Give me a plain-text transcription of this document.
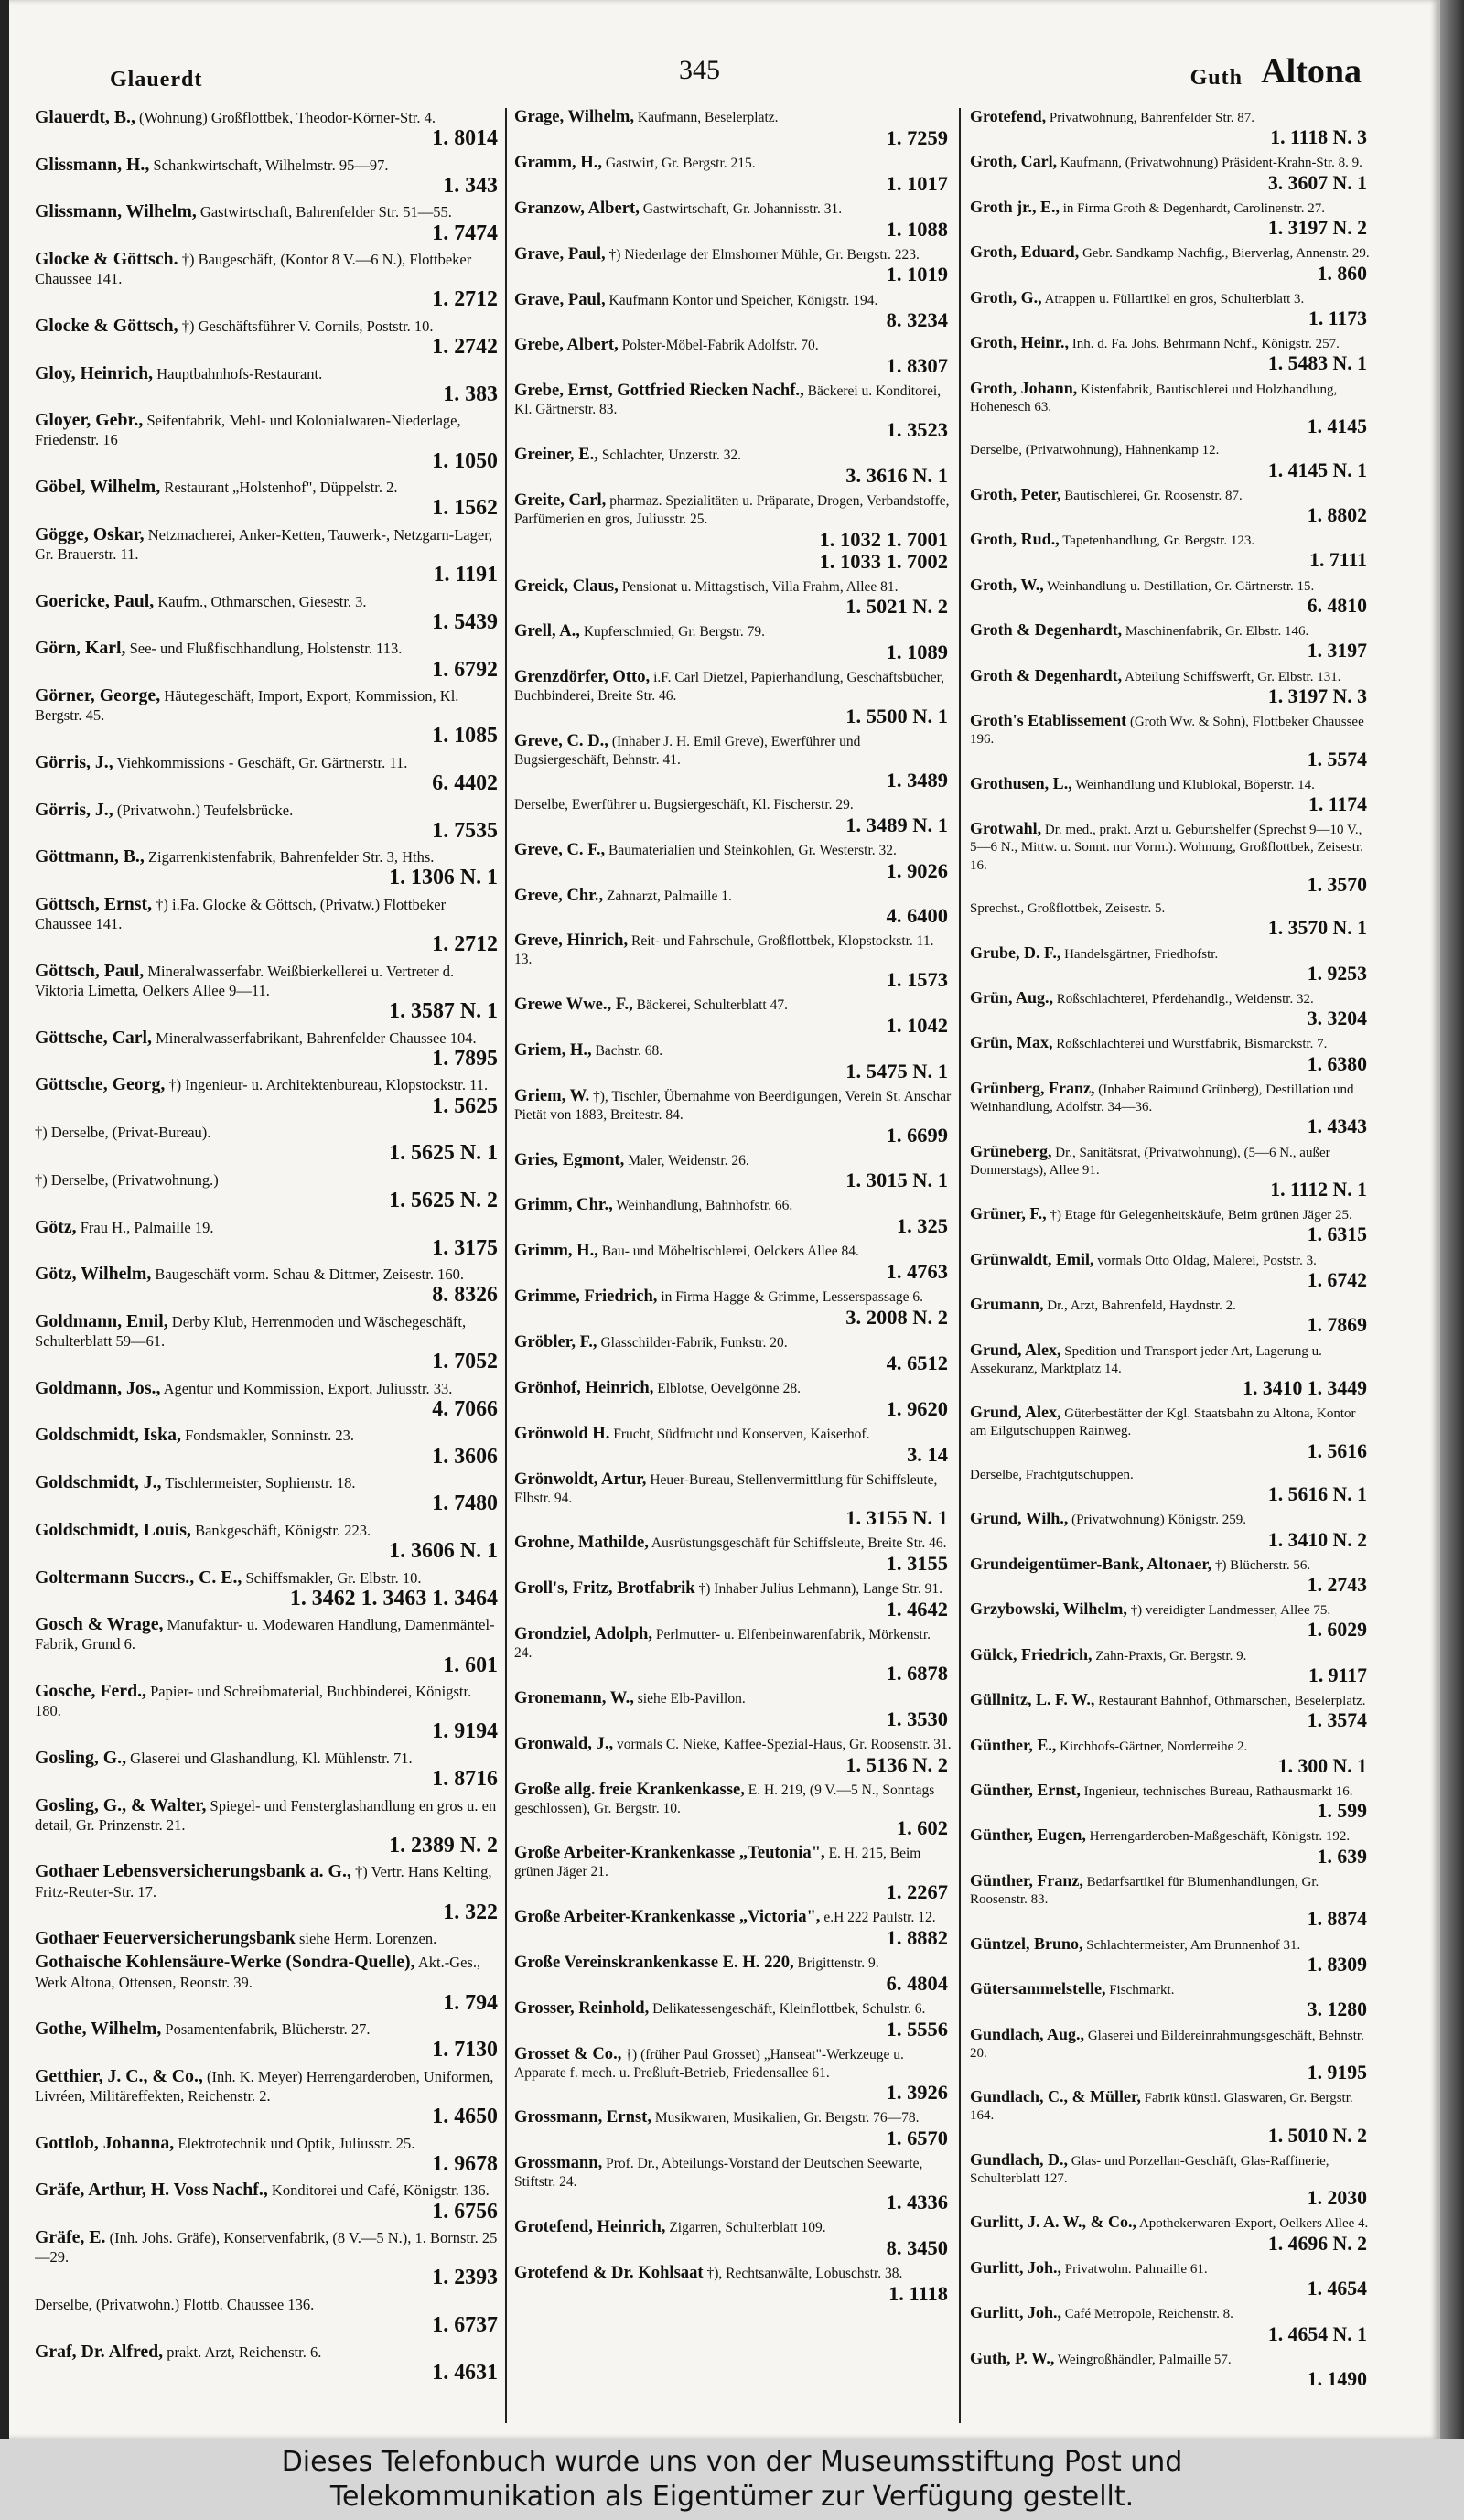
Glauerdt	345	Guth Altona
Glauerdt, B., (Wohnung) Großflottbek, Theodor-Körner-Str. 4.
1. 8014
Glissmann, H., Schankwirtschaft, Wilhelmstr. 95—97.
1. 343
Glissmann, Wilhelm, Gastwirtschaft, Bahrenfelder Str. 51—55.
1. 7474
Glocke & Göttsch. †) Baugeschäft, (Kontor 8 V.—6 N.), Flottbeker Chaussee 141.
1. 2712
Glocke & Göttsch, †) Geschäftsführer V. Cornils, Poststr. 10.
1. 2742
Gloy, Heinrich, Hauptbahnhofs-Restaurant.
1. 383
Gloyer, Gebr., Seifenfabrik, Mehl- und Kolonialwaren-Niederlage, Friedenstr. 16
1. 1050
Göbel, Wilhelm, Restaurant „Holstenhof", Düppelstr. 2.
1. 1562
Gögge, Oskar, Netzmacherei, Anker-Ketten, Tauwerk-, Netzgarn-Lager, Gr. Brauerstr. 11.
1. 1191
Goericke, Paul, Kaufm., Othmarschen, Giesestr. 3.
1. 5439
Görn, Karl, See- und Flußfischhandlung, Holstenstr. 113.
1. 6792
Görner, George, Häutegeschäft, Import, Export, Kommission, Kl. Bergstr. 45.
1. 1085
Görris, J., Viehkommissions - Geschäft, Gr. Gärtnerstr. 11.
6. 4402
Görris, J., (Privatwohn.) Teufelsbrücke.
1. 7535
Göttmann, B., Zigarrenkistenfabrik, Bahrenfelder Str. 3, Hths.
1. 1306 N. 1
Göttsch, Ernst, †) i.Fa. Glocke & Göttsch, (Privatw.) Flottbeker Chaussee 141.
1. 2712
Göttsch, Paul, Mineralwasserfabr. Weißbierkellerei u. Vertreter d. Viktoria Limetta, Oelkers Allee 9—11.
1. 3587 N. 1
Göttsche, Carl, Mineralwasserfabrikant, Bahrenfelder Chaussee 104.
1. 7895
Göttsche, Georg, †) Ingenieur- u. Architektenbureau, Klopstockstr. 11.
1. 5625
†) Derselbe, (Privat-Bureau).
1. 5625 N. 1
†) Derselbe, (Privatwohnung.)
1. 5625 N. 2
Götz, Frau H., Palmaille 19.
1. 3175
Götz, Wilhelm, Baugeschäft vorm. Schau & Dittmer, Zeisestr. 160.
8. 8326
Goldmann, Emil, Derby Klub, Herrenmoden und Wäschegeschäft, Schulterblatt 59—61.
1. 7052
Goldmann, Jos., Agentur und Kommission, Export, Juliusstr. 33.
4. 7066
Goldschmidt, Iska, Fondsmakler, Sonninstr. 23.
1. 3606
Goldschmidt, J., Tischlermeister, Sophienstr. 18.
1. 7480
Goldschmidt, Louis, Bankgeschäft, Königstr. 223.
1. 3606 N. 1
Goltermann Succrs., C. E., Schiffsmakler, Gr. Elbstr. 10.
1. 3462 1. 3463 1. 3464
Gosch & Wrage, Manufaktur- u. Modewaren Handlung, Damenmäntel-Fabrik, Grund 6.
1. 601
Gosche, Ferd., Papier- und Schreibmaterial, Buchbinderei, Königstr. 180.
1. 9194
Gosling, G., Glaserei und Glashandlung, Kl. Mühlenstr. 71.
1. 8716
Gosling, G., & Walter, Spiegel- und Fensterglashandlung en gros u. en detail, Gr. Prinzenstr. 21.
1. 2389 N. 2
Gothaer Lebensversicherungsbank a. G., †) Vertr. Hans Kelting, Fritz-Reuter-Str. 17.
1. 322
Gothaer Feuerversicherungsbank siehe Herm. Lorenzen.
Gothaische Kohlensäure-Werke (Sondra-Quelle), Akt.-Ges., Werk Altona, Ottensen, Reonstr. 39.
1. 794
Gothe, Wilhelm, Posamentenfabrik, Blücherstr. 27.
1. 7130
Getthier, J. C., & Co., (Inh. K. Meyer) Herrengarderoben, Uniformen, Livréen, Militäreffekten, Reichenstr. 2.
1. 4650
Gottlob, Johanna, Elektrotechnik und Optik, Juliusstr. 25.
1. 9678
Gräfe, Arthur, H. Voss Nachf., Konditorei und Café, Königstr. 136.
1. 6756
Gräfe, E. (Inh. Johs. Gräfe), Konservenfabrik, (8 V.—5 N.), 1. Bornstr. 25—29.
1. 2393
Derselbe, (Privatwohn.) Flottb. Chaussee 136.
1. 6737
Graf, Dr. Alfred, prakt. Arzt, Reichenstr. 6.
1. 4631
Grage, Wilhelm, Kaufmann, Beselerplatz.
1. 7259
Gramm, H., Gastwirt, Gr. Bergstr. 215.
1. 1017
Granzow, Albert, Gastwirtschaft, Gr. Johannisstr. 31.
1. 1088
Grave, Paul, †) Niederlage der Elmshorner Mühle, Gr. Bergstr. 223.
1. 1019
Grave, Paul, Kaufmann Kontor und Speicher, Königstr. 194.
8. 3234
Grebe, Albert, Polster-Möbel-Fabrik Adolfstr. 70.
1. 8307
Grebe, Ernst, Gottfried Riecken Nachf., Bäckerei u. Konditorei, Kl. Gärtnerstr. 83.
1. 3523
Greiner, E., Schlachter, Unzerstr. 32.
3. 3616 N. 1
Greite, Carl, pharmaz. Spezialitäten u. Präparate, Drogen, Verbandstoffe, Parfümerien en gros, Juliusstr. 25.
1. 1032 1. 7001
1. 1033 1. 7002
Greick, Claus, Pensionat u. Mittagstisch, Villa Frahm, Allee 81.
1. 5021 N. 2
Grell, A., Kupferschmied, Gr. Bergstr. 79.
1. 1089
Grenzdörfer, Otto, i.F. Carl Dietzel, Papierhandlung, Geschäftsbücher, Buchbinderei, Breite Str. 46.
1. 5500 N. 1
Greve, C. D., (Inhaber J. H. Emil Greve), Ewerführer und Bugsiergeschäft, Behnstr. 41.
1. 3489
Derselbe, Ewerführer u. Bugsiergeschäft, Kl. Fischerstr. 29.
1. 3489 N. 1
Greve, C. F., Baumaterialien und Steinkohlen, Gr. Westerstr. 32.
1. 9026
Greve, Chr., Zahnarzt, Palmaille 1.
4. 6400
Greve, Hinrich, Reit- und Fahrschule, Großflottbek, Klopstockstr. 11. 13.
1. 1573
Grewe Wwe., F., Bäckerei, Schulterblatt 47.
1. 1042
Griem, H., Bachstr. 68.
1. 5475 N. 1
Griem, W. †), Tischler, Übernahme von Beerdigungen, Verein St. Anschar Pietät von 1883, Breitestr. 84.
1. 6699
Gries, Egmont, Maler, Weidenstr. 26.
1. 3015 N. 1
Grimm, Chr., Weinhandlung, Bahnhofstr. 66.
1. 325
Grimm, H., Bau- und Möbeltischlerei, Oelckers Allee 84.
1. 4763
Grimme, Friedrich, in Firma Hagge & Grimme, Lesserspassage 6.
3. 2008 N. 2
Gröbler, F., Glasschilder-Fabrik, Funkstr. 20.
4. 6512
Grönhof, Heinrich, Elblotse, Oevelgönne 28.
1. 9620
Grönwold H. Frucht, Südfrucht und Konserven, Kaiserhof.
3. 14
Grönwoldt, Artur, Heuer-Bureau, Stellenvermittlung für Schiffsleute, Elbstr. 94.
1. 3155 N. 1
Grohne, Mathilde, Ausrüstungsgeschäft für Schiffsleute, Breite Str. 46.
1. 3155
Groll's, Fritz, Brotfabrik †) Inhaber Julius Lehmann), Lange Str. 91.
1. 4642
Grondziel, Adolph, Perlmutter- u. Elfenbeinwarenfabrik, Mörkenstr. 24.
1. 6878
Gronemann, W., siehe Elb-Pavillon.
1. 3530
Gronwald, J., vormals C. Nieke, Kaffee-Spezial-Haus, Gr. Roosenstr. 31.
1. 5136 N. 2
Große allg. freie Krankenkasse, E. H. 219, (9 V.—5 N., Sonntags geschlossen), Gr. Bergstr. 10.
1. 602
Große Arbeiter-Krankenkasse „Teutonia", E. H. 215, Beim grünen Jäger 21.
1. 2267
Große Arbeiter-Krankenkasse „Victoria", e.H 222 Paulstr. 12.
1. 8882
Große Vereinskrankenkasse E. H. 220, Brigittenstr. 9.
6. 4804
Grosser, Reinhold, Delikatessengeschäft, Kleinflottbek, Schulstr. 6.
1. 5556
Grosset & Co., †) (früher Paul Grosset) „Hanseat"-Werkzeuge u. Apparate f. mech. u. Preßluft-Betrieb, Friedensallee 61.
1. 3926
Grossmann, Ernst, Musikwaren, Musikalien, Gr. Bergstr. 76—78.
1. 6570
Grossmann, Prof. Dr., Abteilungs-Vorstand der Deutschen Seewarte, Stiftstr. 24.
1. 4336
Grotefend, Heinrich, Zigarren, Schulterblatt 109.
8. 3450
Grotefend & Dr. Kohlsaat †), Rechtsanwälte, Lobuschstr. 38.
1. 1118
Grotefend, Privatwohnung, Bahrenfelder Str. 87.
1. 1118 N. 3
Groth, Carl, Kaufmann, (Privatwohnung) Präsident-Krahn-Str. 8. 9.
3. 3607 N. 1
Groth jr., E., in Firma Groth & Degenhardt, Carolinenstr. 27.
1. 3197 N. 2
Groth, Eduard, Gebr. Sandkamp Nachfig., Bierverlag, Annenstr. 29.
1. 860
Groth, G., Atrappen u. Füllartikel en gros, Schulterblatt 3.
1. 1173
Groth, Heinr., Inh. d. Fa. Johs. Behrmann Nchf., Königstr. 257.
1. 5483 N. 1
Groth, Johann, Kistenfabrik, Bautischlerei und Holzhandlung, Hohenesch 63.
1. 4145
Derselbe, (Privatwohnung), Hahnenkamp 12.
1. 4145 N. 1
Groth, Peter, Bautischlerei, Gr. Roosenstr. 87.
1. 8802
Groth, Rud., Tapetenhandlung, Gr. Bergstr. 123.
1. 7111
Groth, W., Weinhandlung u. Destillation, Gr. Gärtnerstr. 15.
6. 4810
Groth & Degenhardt, Maschinenfabrik, Gr. Elbstr. 146.
1. 3197
Groth & Degenhardt, Abteilung Schiffswerft, Gr. Elbstr. 131.
1. 3197 N. 3
Groth's Etablissement (Groth Ww. & Sohn), Flottbeker Chaussee 196.
1. 5574
Grothusen, L., Weinhandlung und Klublokal, Böperstr. 14.
1. 1174
Grotwahl, Dr. med., prakt. Arzt u. Geburtshelfer (Sprechst 9—10 V., 5—6 N., Mittw. u. Sonnt. nur Vorm.). Wohnung, Großflottbek, Zeisestr. 16.
1. 3570
Sprechst., Großflottbek, Zeisestr. 5.
1. 3570 N. 1
Grube, D. F., Handelsgärtner, Friedhofstr.
1. 9253
Grün, Aug., Roßschlachterei, Pferdehandlg., Weidenstr. 32.
3. 3204
Grün, Max, Roßschlachterei und Wurstfabrik, Bismarckstr. 7.
1. 6380
Grünberg, Franz, (Inhaber Raimund Grünberg), Destillation und Weinhandlung, Adolfstr. 34—36.
1. 4343
Grüneberg, Dr., Sanitätsrat, (Privatwohnung), (5—6 N., außer Donnerstags), Allee 91.
1. 1112 N. 1
Grüner, F., †) Etage für Gelegenheitskäufe, Beim grünen Jäger 25.
1. 6315
Grünwaldt, Emil, vormals Otto Oldag, Malerei, Poststr. 3.
1. 6742
Grumann, Dr., Arzt, Bahrenfeld, Haydnstr. 2.
1. 7869
Grund, Alex, Spedition und Transport jeder Art, Lagerung u. Assekuranz, Marktplatz 14.
1. 3410 1. 3449
Grund, Alex, Güterbestätter der Kgl. Staatsbahn zu Altona, Kontor am Eilgutschuppen Rainweg.
1. 5616
Derselbe, Frachtgutschuppen.
1. 5616 N. 1
Grund, Wilh., (Privatwohnung) Königstr. 259.
1. 3410 N. 2
Grundeigentümer-Bank, Altonaer, †) Blücherstr. 56.
1. 2743
Grzybowski, Wilhelm, †) vereidigter Landmesser, Allee 75.
1. 6029
Gülck, Friedrich, Zahn-Praxis, Gr. Bergstr. 9.
1. 9117
Güllnitz, L. F. W., Restaurant Bahnhof, Othmarschen, Beselerplatz.
1. 3574
Günther, E., Kirchhofs-Gärtner, Norderreihe 2.
1. 300 N. 1
Günther, Ernst, Ingenieur, technisches Bureau, Rathausmarkt 16.
1. 599
Günther, Eugen, Herrengarderoben-Maßgeschäft, Königstr. 192.
1. 639
Günther, Franz, Bedarfsartikel für Blumenhandlungen, Gr. Roosenstr. 83.
1. 8874
Güntzel, Bruno, Schlachtermeister, Am Brunnenhof 31.
1. 8309
Gütersammelstelle, Fischmarkt.
3. 1280
Gundlach, Aug., Glaserei und Bildereinrahmungsgeschäft, Behnstr. 20.
1. 9195
Gundlach, C., & Müller, Fabrik künstl. Glaswaren, Gr. Bergstr. 164.
1. 5010 N. 2
Gundlach, D., Glas- und Porzellan-Geschäft, Glas-Raffinerie, Schulterblatt 127.
1. 2030
Gurlitt, J. A. W., & Co., Apothekerwaren-Export, Oelkers Allee 4.
1. 4696 N. 2
Gurlitt, Joh., Privatwohn. Palmaille 61.
1. 4654
Gurlitt, Joh., Café Metropole, Reichenstr. 8.
1. 4654 N. 1
Guth, P. W., Weingroßhändler, Palmaille 57.
1. 1490
Dieses Telefonbuch wurde uns von der Museumsstiftung Post und
Telekommunikation als Eigentümer zur Verfügung gestellt.
